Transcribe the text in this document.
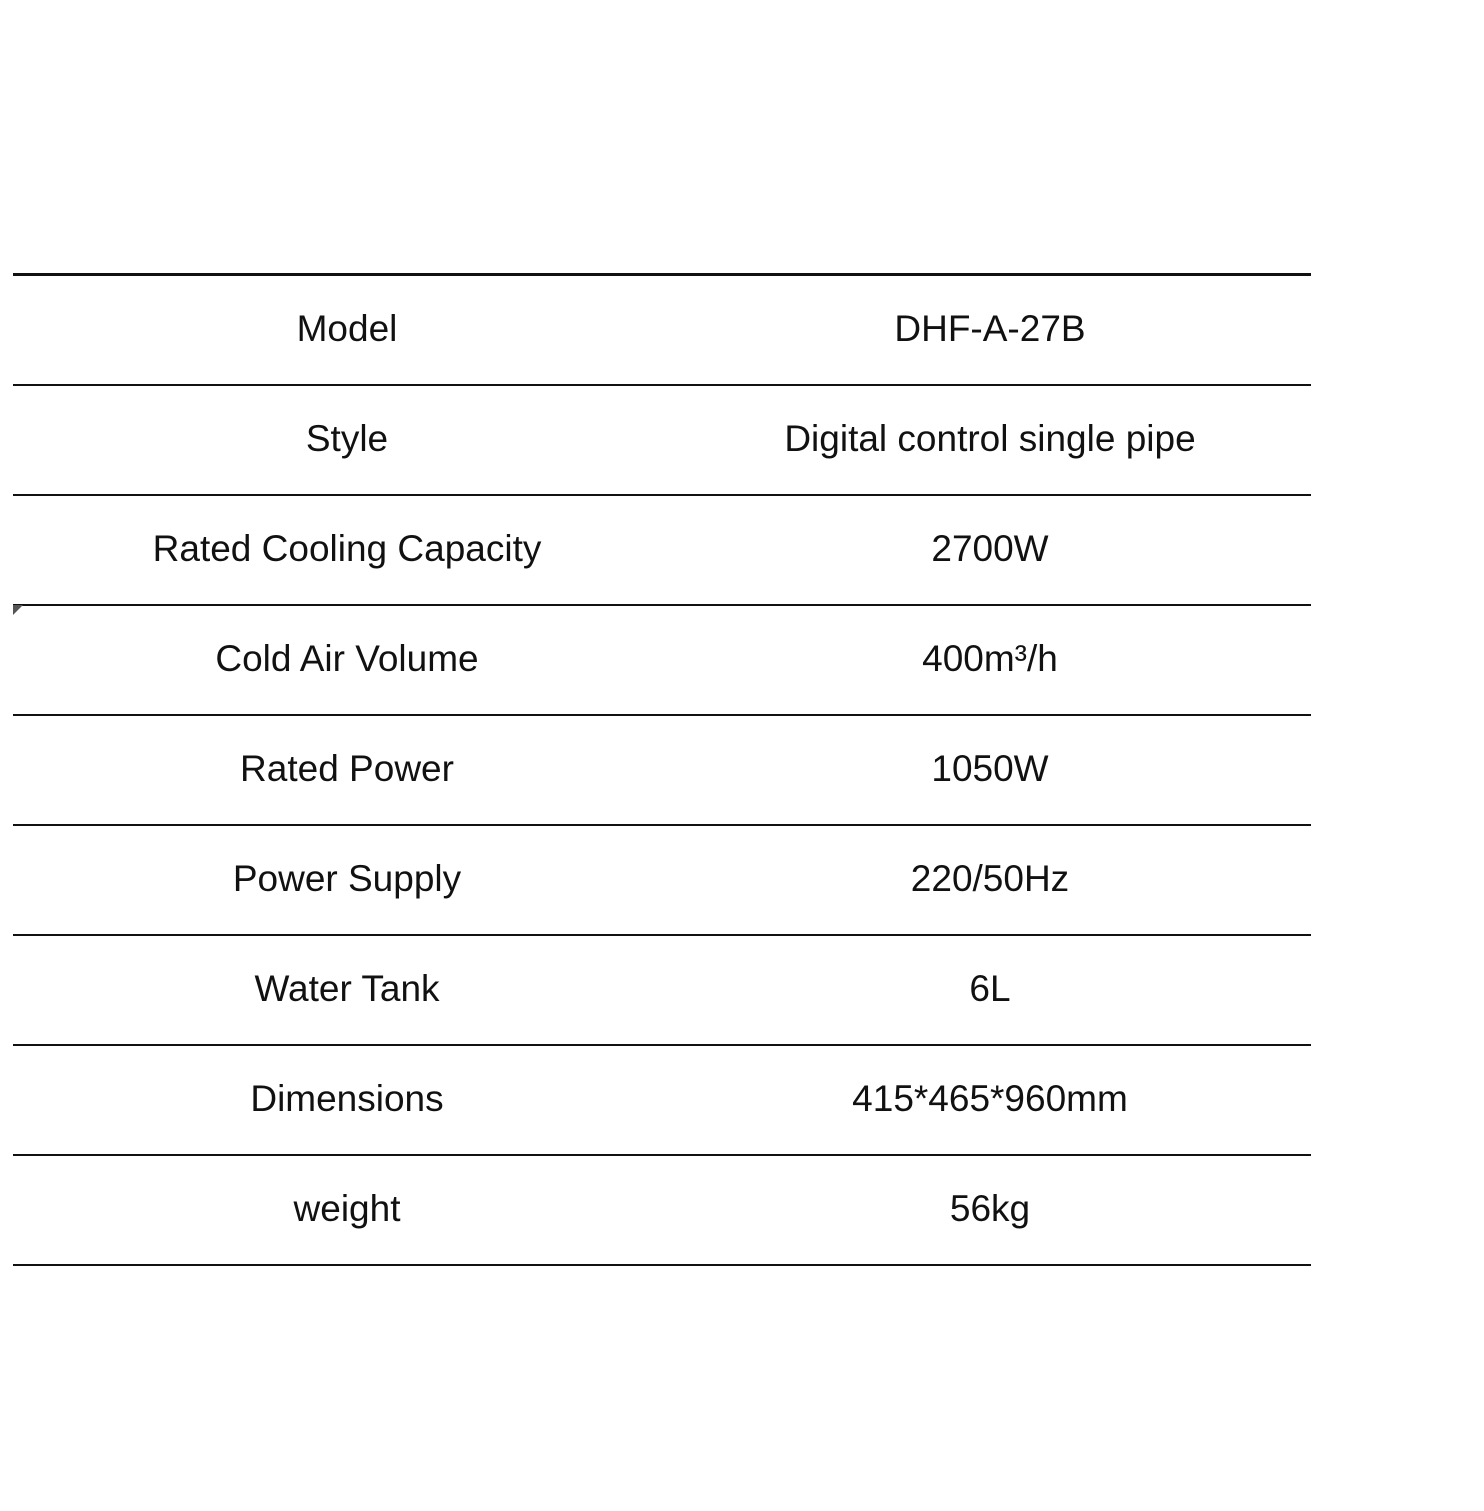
Model	DHF-A-27B
Style	Digital control single pipe
Rated Cooling Capacity	2700W
Cold Air Volume	400m³/h
Rated Power	1050W
Power Supply	220/50Hz
Water Tank	6L
Dimensions	415*465*960mm
weight	56kg
